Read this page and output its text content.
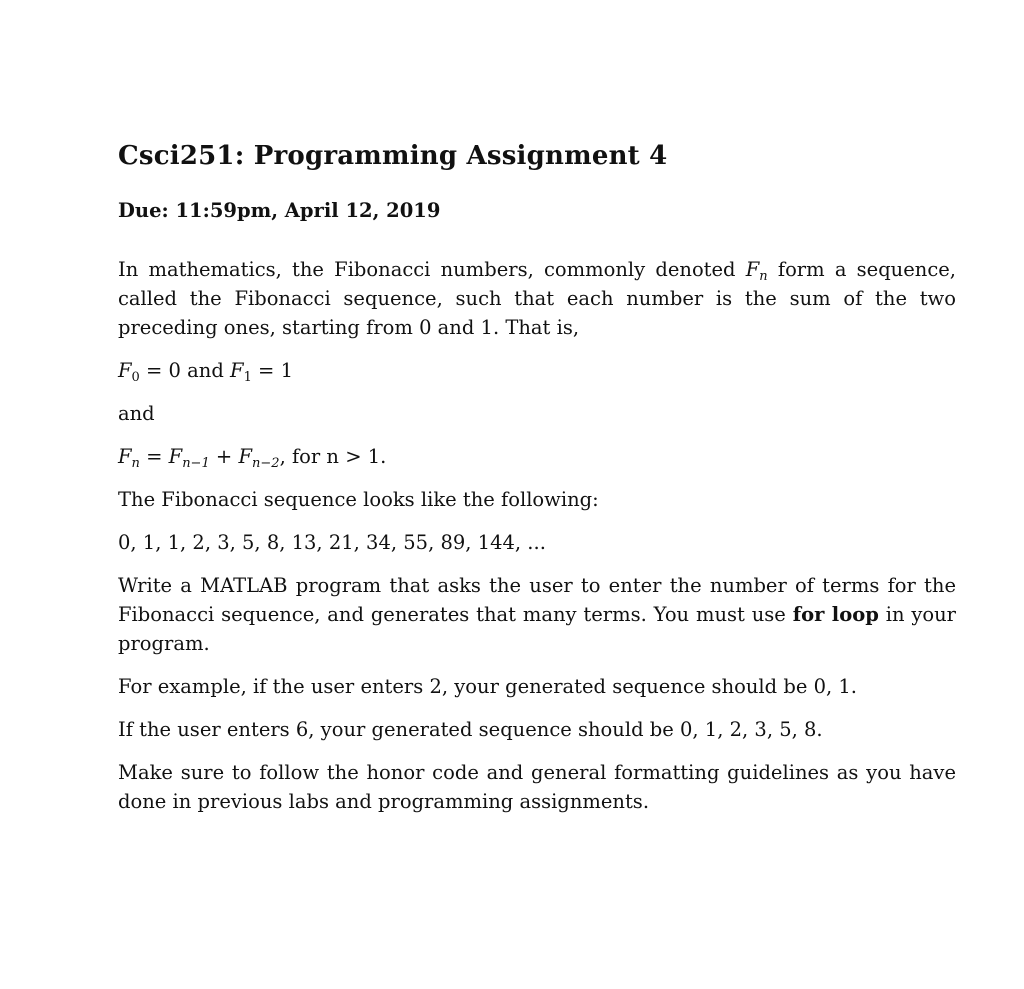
Csci251: Programming Assignment 4
Due: 11:59pm, April 12, 2019

In mathematics, the Fibonacci numbers, commonly denoted $F_n$ form a sequence, called the Fibonacci sequence, such that each number is the sum of the two preceding ones, starting from 0 and 1. That is,

$F_0 = 0$ and $F_1 = 1$

and

$F_n = F_{n-1} + F_{n-2}$, for n > 1.

The Fibonacci sequence looks like the following:

0, 1, 1, 2, 3, 5, 8, 13, 21, 34, 55, 89, 144, ...

Write a MATLAB program that asks the user to enter the number of terms for the Fibonacci sequence, and generates that many terms. You must use for loop in your program.

For example, if the user enters 2, your generated sequence should be 0, 1.

If the user enters 6, your generated sequence should be 0, 1, 2, 3, 5, 8.

Make sure to follow the honor code and general formatting guidelines as you have done in previous labs and programming assignments.
